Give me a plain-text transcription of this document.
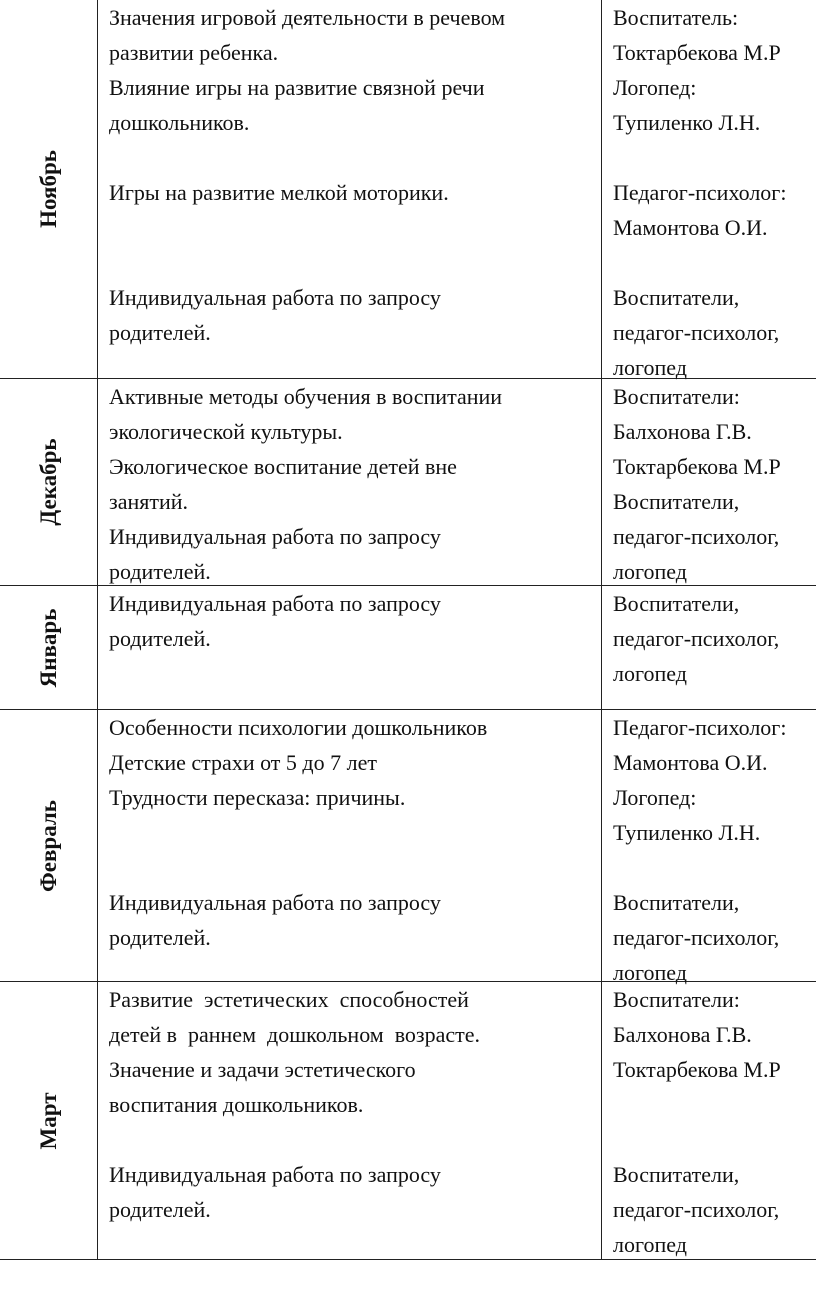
Ноябрь
Значения игровой деятельности в речевом
развитии ребенка.
Влияние игры на развитие связной речи
дошкольников.
Игры на развитие мелкой моторики.
Индивидуальная работа по запросу
родителей.
Воспитатель:
Токтарбекова М.Р
Логопед:
Тупиленко Л.Н.
Педагог-психолог:
Мамонтова О.И.
Воспитатели,
педагог-психолог,
логопед
Декабрь
Активные методы обучения в воспитании
экологической культуры.
Экологическое воспитание детей вне
занятий.
Индивидуальная работа по запросу
родителей.
Воспитатели:
Балхонова Г.В.
Токтарбекова М.Р
Воспитатели,
педагог-психолог,
логопед
Январь
Индивидуальная работа по запросу
родителей.
Воспитатели,
педагог-психолог,
логопед
Февраль
Особенности психологии дошкольников
Детские страхи от 5 до 7 лет
Трудности пересказа: причины.
Индивидуальная работа по запросу
родителей.
Педагог-психолог:
Мамонтова О.И.
Логопед:
Тупиленко Л.Н.
Воспитатели,
педагог-психолог,
логопед
Март
Развитие  эстетических  способностей
детей в  раннем  дошкольном  возрасте.
Значение и задачи эстетического
воспитания дошкольников.
Индивидуальная работа по запросу
родителей.
Воспитатели:
Балхонова Г.В.
Токтарбекова М.Р
Воспитатели,
педагог-психолог,
логопед
